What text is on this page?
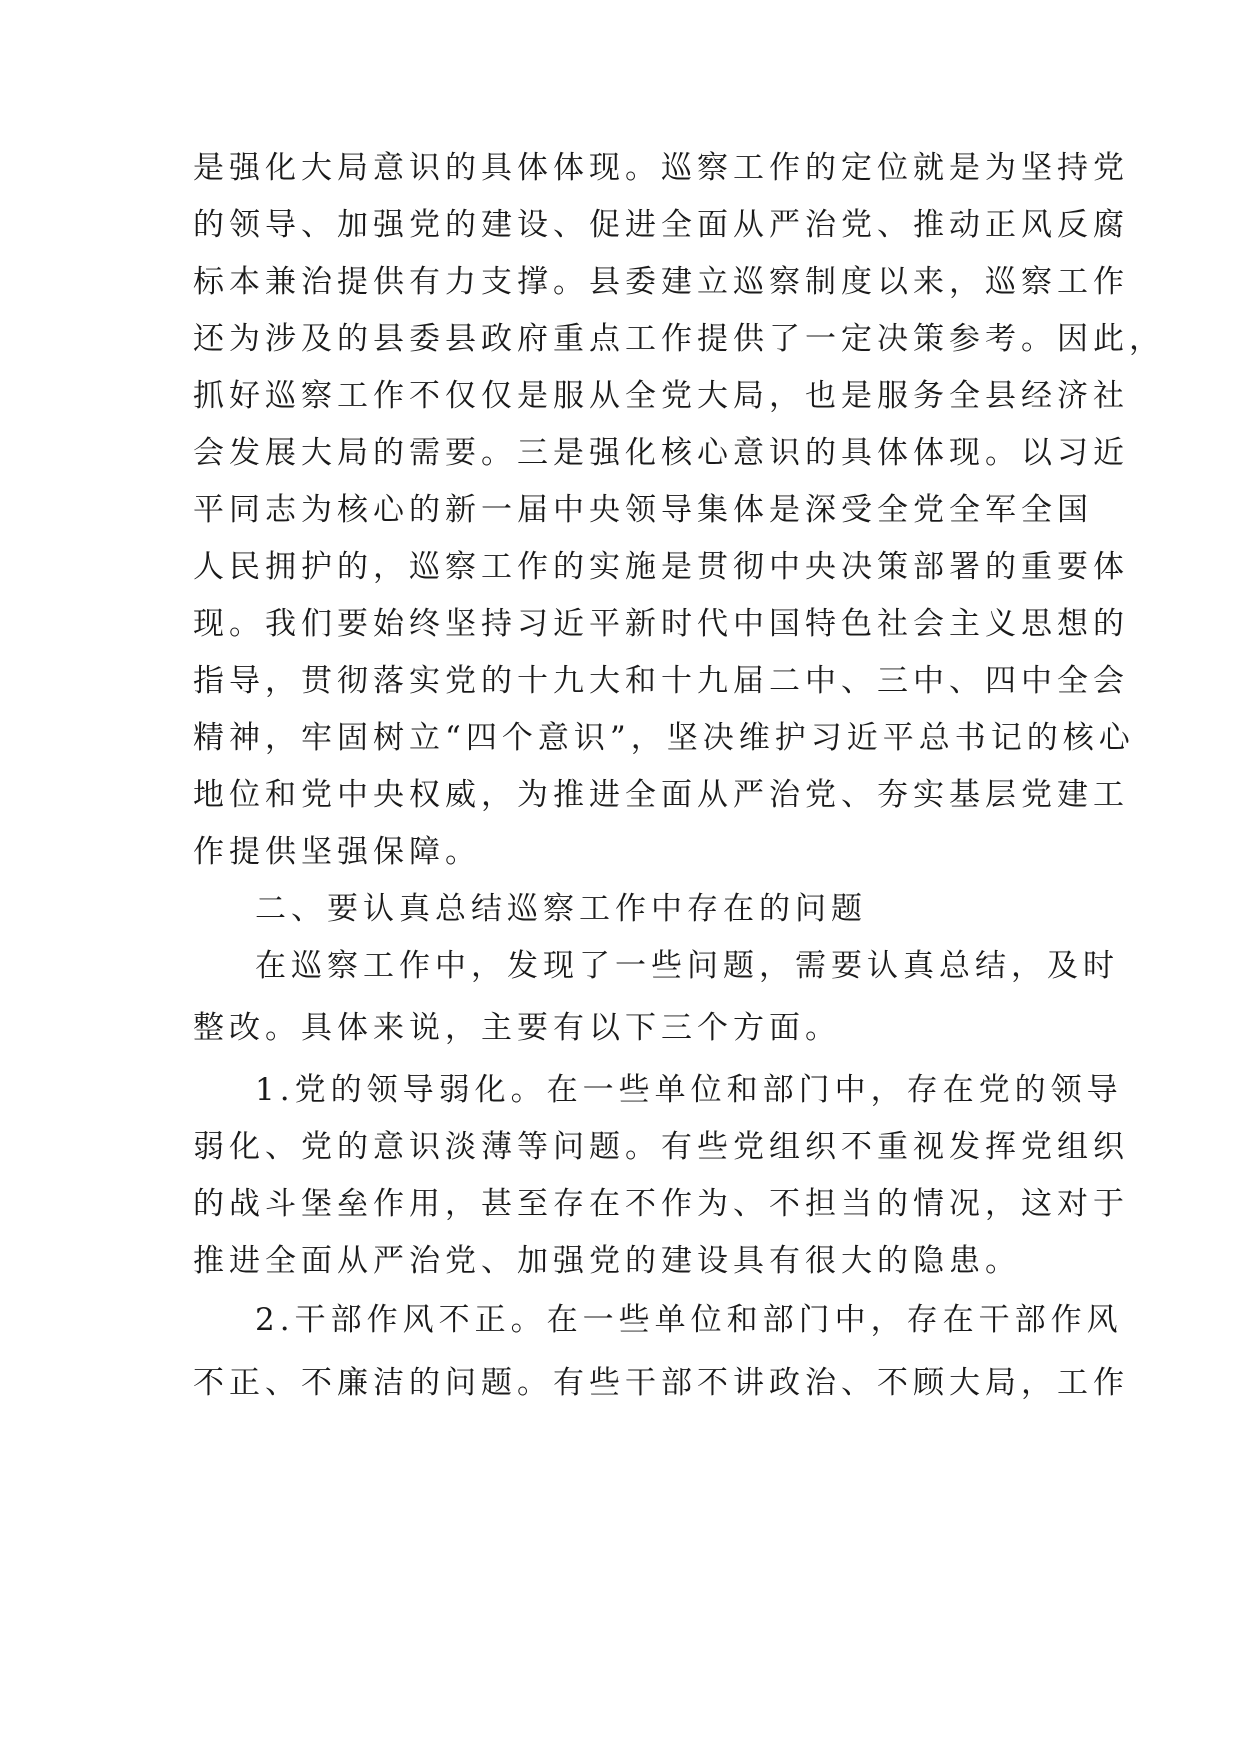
是强化大局意识的具体体现。巡察工作的定位就是为坚持党
的领导、加强党的建设、促进全面从严治党、推动正风反腐
标本兼治提供有力支撑。县委建立巡察制度以来，巡察工作
还为涉及的县委县政府重点工作提供了一定决策参考。因此，
抓好巡察工作不仅仅是服从全党大局，也是服务全县经济社
会发展大局的需要。三是强化核心意识的具体体现。以习近
平同志为核心的新一届中央领导集体是深受全党全军全国
人民拥护的，巡察工作的实施是贯彻中央决策部署的重要体
现。我们要始终坚持习近平新时代中国特色社会主义思想的
指导，贯彻落实党的十九大和十九届二中、三中、四中全会
精神，牢固树立“四个意识”，坚决维护习近平总书记的核心
地位和党中央权威，为推进全面从严治党、夯实基层党建工
作提供坚强保障。
二、要认真总结巡察工作中存在的问题
在巡察工作中，发现了一些问题，需要认真总结，及时
整改。具体来说，主要有以下三个方面。
1.党的领导弱化。在一些单位和部门中，存在党的领导
弱化、党的意识淡薄等问题。有些党组织不重视发挥党组织
的战斗堡垒作用，甚至存在不作为、不担当的情况，这对于
推进全面从严治党、加强党的建设具有很大的隐患。
2.干部作风不正。在一些单位和部门中，存在干部作风
不正、不廉洁的问题。有些干部不讲政治、不顾大局，工作
